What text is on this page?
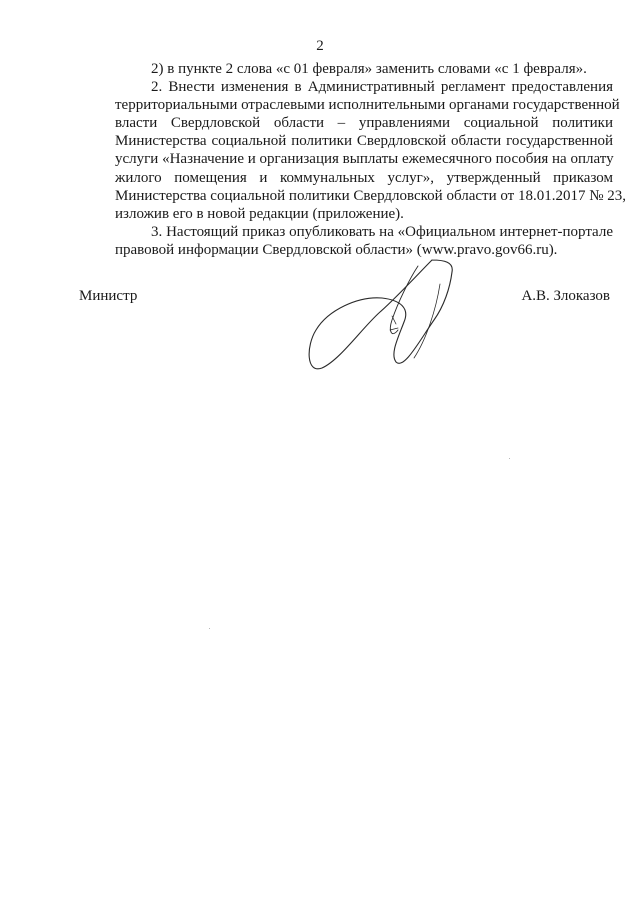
2
2) в пункте 2 слова «с 01 февраля» заменить словами «с 1 февраля».
2. Внести изменения в Административный регламент предоставления
территориальными отраслевыми исполнительными органами государственной
власти Свердловской области – управлениями социальной политики
Министерства социальной политики Свердловской области государственной
услуги «Назначение и организация выплаты ежемесячного пособия на оплату
жилого помещения и коммунальных услуг», утвержденный приказом
Министерства социальной политики Свердловской области от 18.01.2017 № 23,
изложив его в новой редакции (приложение).
3. Настоящий приказ опубликовать на «Официальном интернет-портале
правовой информации Свердловской области» (www.pravo.gov66.ru).
Министр	А.В. Злоказов
